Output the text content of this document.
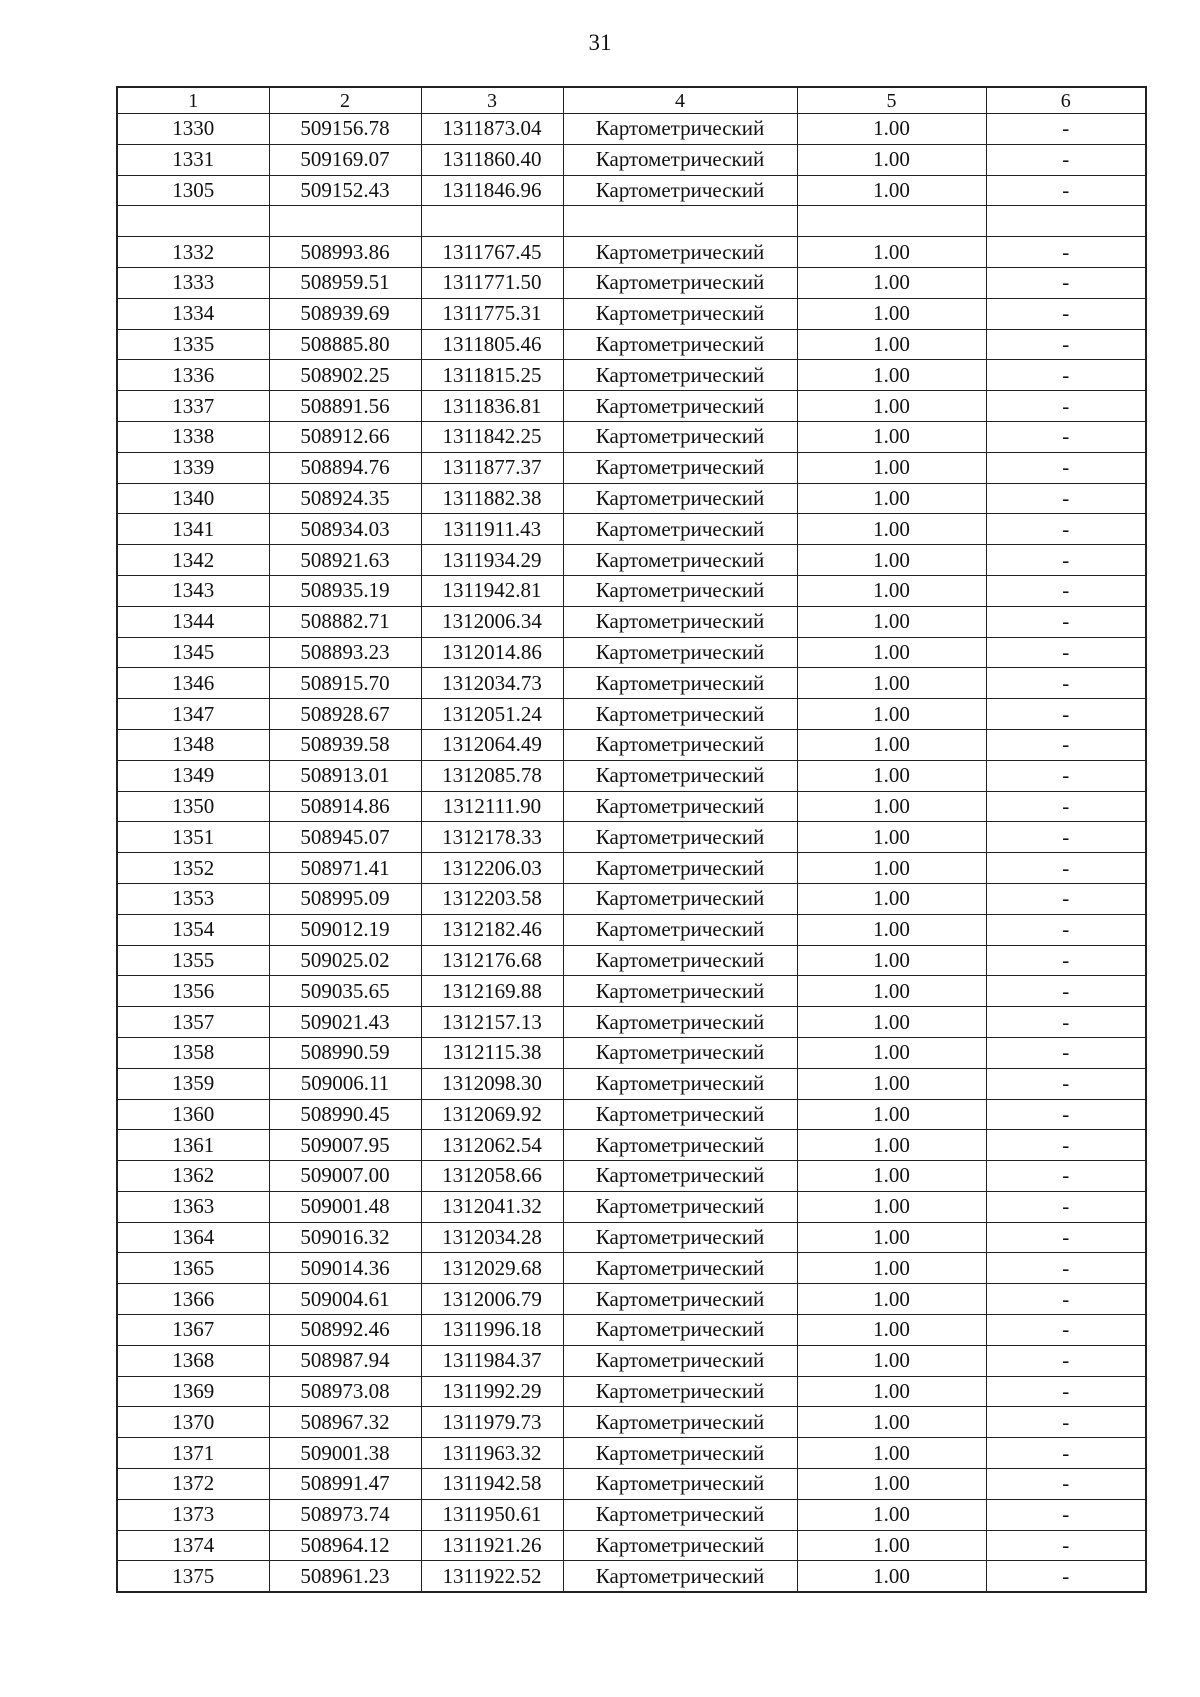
31
1	2	3	4	5	6
1330	509156.78	1311873.04	Картометрический	1.00	-
1331	509169.07	1311860.40	Картометрический	1.00	-
1305	509152.43	1311846.96	Картометрический	1.00	-

1332	508993.86	1311767.45	Картометрический	1.00	-
1333	508959.51	1311771.50	Картометрический	1.00	-
1334	508939.69	1311775.31	Картометрический	1.00	-
1335	508885.80	1311805.46	Картометрический	1.00	-
1336	508902.25	1311815.25	Картометрический	1.00	-
1337	508891.56	1311836.81	Картометрический	1.00	-
1338	508912.66	1311842.25	Картометрический	1.00	-
1339	508894.76	1311877.37	Картометрический	1.00	-
1340	508924.35	1311882.38	Картометрический	1.00	-
1341	508934.03	1311911.43	Картометрический	1.00	-
1342	508921.63	1311934.29	Картометрический	1.00	-
1343	508935.19	1311942.81	Картометрический	1.00	-
1344	508882.71	1312006.34	Картометрический	1.00	-
1345	508893.23	1312014.86	Картометрический	1.00	-
1346	508915.70	1312034.73	Картометрический	1.00	-
1347	508928.67	1312051.24	Картометрический	1.00	-
1348	508939.58	1312064.49	Картометрический	1.00	-
1349	508913.01	1312085.78	Картометрический	1.00	-
1350	508914.86	1312111.90	Картометрический	1.00	-
1351	508945.07	1312178.33	Картометрический	1.00	-
1352	508971.41	1312206.03	Картометрический	1.00	-
1353	508995.09	1312203.58	Картометрический	1.00	-
1354	509012.19	1312182.46	Картометрический	1.00	-
1355	509025.02	1312176.68	Картометрический	1.00	-
1356	509035.65	1312169.88	Картометрический	1.00	-
1357	509021.43	1312157.13	Картометрический	1.00	-
1358	508990.59	1312115.38	Картометрический	1.00	-
1359	509006.11	1312098.30	Картометрический	1.00	-
1360	508990.45	1312069.92	Картометрический	1.00	-
1361	509007.95	1312062.54	Картометрический	1.00	-
1362	509007.00	1312058.66	Картометрический	1.00	-
1363	509001.48	1312041.32	Картометрический	1.00	-
1364	509016.32	1312034.28	Картометрический	1.00	-
1365	509014.36	1312029.68	Картометрический	1.00	-
1366	509004.61	1312006.79	Картометрический	1.00	-
1367	508992.46	1311996.18	Картометрический	1.00	-
1368	508987.94	1311984.37	Картометрический	1.00	-
1369	508973.08	1311992.29	Картометрический	1.00	-
1370	508967.32	1311979.73	Картометрический	1.00	-
1371	509001.38	1311963.32	Картометрический	1.00	-
1372	508991.47	1311942.58	Картометрический	1.00	-
1373	508973.74	1311950.61	Картометрический	1.00	-
1374	508964.12	1311921.26	Картометрический	1.00	-
1375	508961.23	1311922.52	Картометрический	1.00	-
